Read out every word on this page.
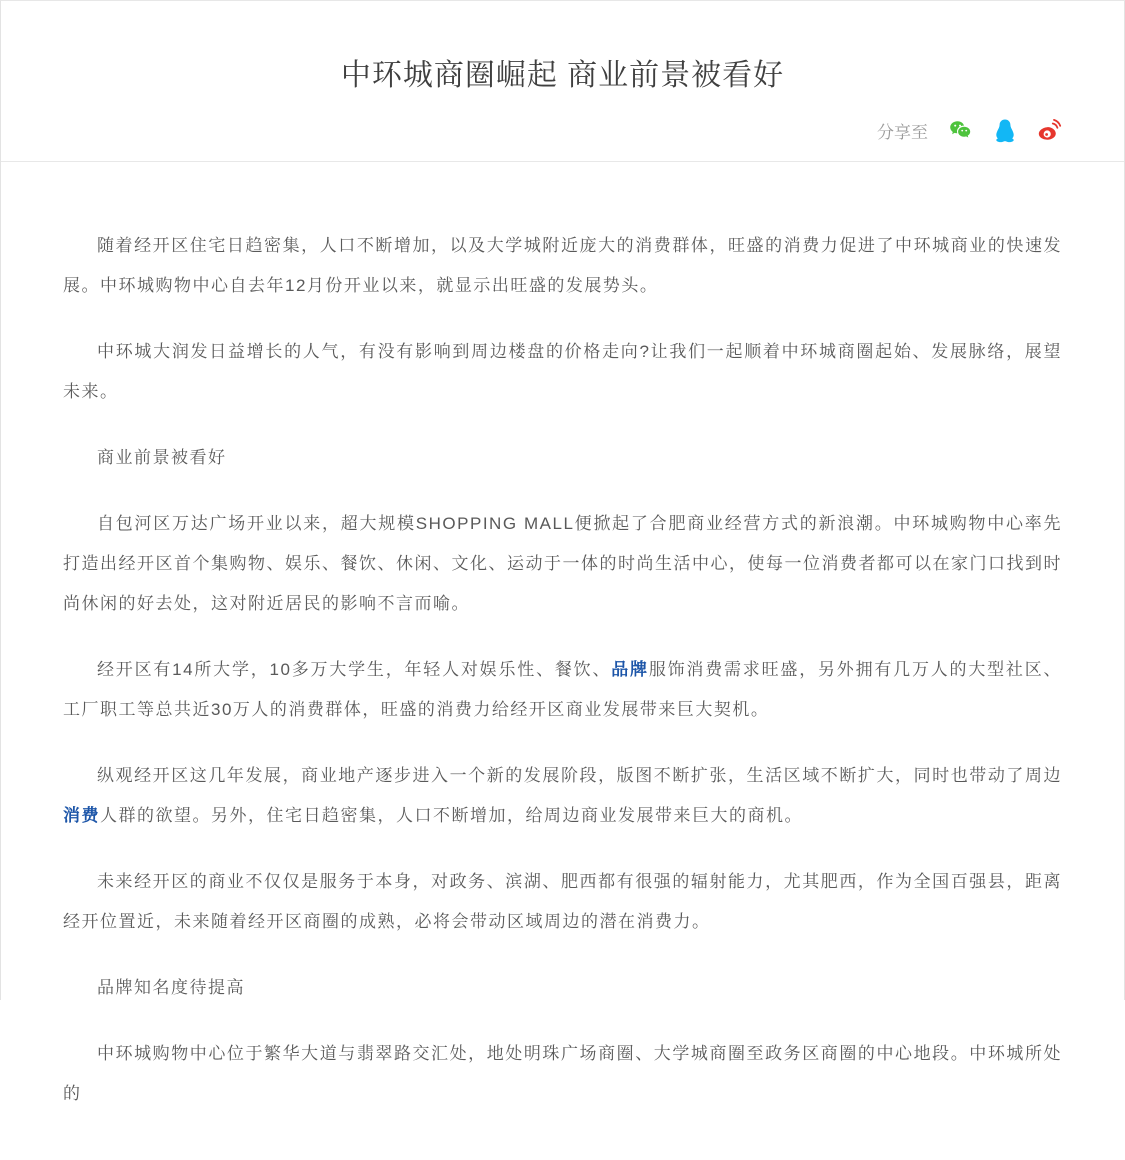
中环城商圈崛起 商业前景被看好
分享至

随着经开区住宅日趋密集，人口不断增加，以及大学城附近庞大的消费群体，旺盛的消费力促进了中环城商业的快速发展。中环城购物中心自去年12月份开业以来，就显示出旺盛的发展势头。

中环城大润发日益增长的人气，有没有影响到周边楼盘的价格走向?让我们一起顺着中环城商圈起始、发展脉络，展望未来。

商业前景被看好

自包河区万达广场开业以来，超大规模SHOPPING MALL便掀起了合肥商业经营方式的新浪潮。中环城购物中心率先打造出经开区首个集购物、娱乐、餐饮、休闲、文化、运动于一体的时尚生活中心，使每一位消费者都可以在家门口找到时尚休闲的好去处，这对附近居民的影响不言而喻。

经开区有14所大学，10多万大学生，年轻人对娱乐性、餐饮、品牌服饰消费需求旺盛，另外拥有几万人的大型社区、工厂职工等总共近30万人的消费群体，旺盛的消费力给经开区商业发展带来巨大契机。

纵观经开区这几年发展，商业地产逐步进入一个新的发展阶段，版图不断扩张，生活区域不断扩大，同时也带动了周边消费人群的欲望。另外，住宅日趋密集，人口不断增加，给周边商业发展带来巨大的商机。

未来经开区的商业不仅仅是服务于本身，对政务、滨湖、肥西都有很强的辐射能力，尤其肥西，作为全国百强县，距离经开位置近，未来随着经开区商圈的成熟，必将会带动区域周边的潜在消费力。

品牌知名度待提高

中环城购物中心位于繁华大道与翡翠路交汇处，地处明珠广场商圈、大学城商圈至政务区商圈的中心地段。中环城所处的
